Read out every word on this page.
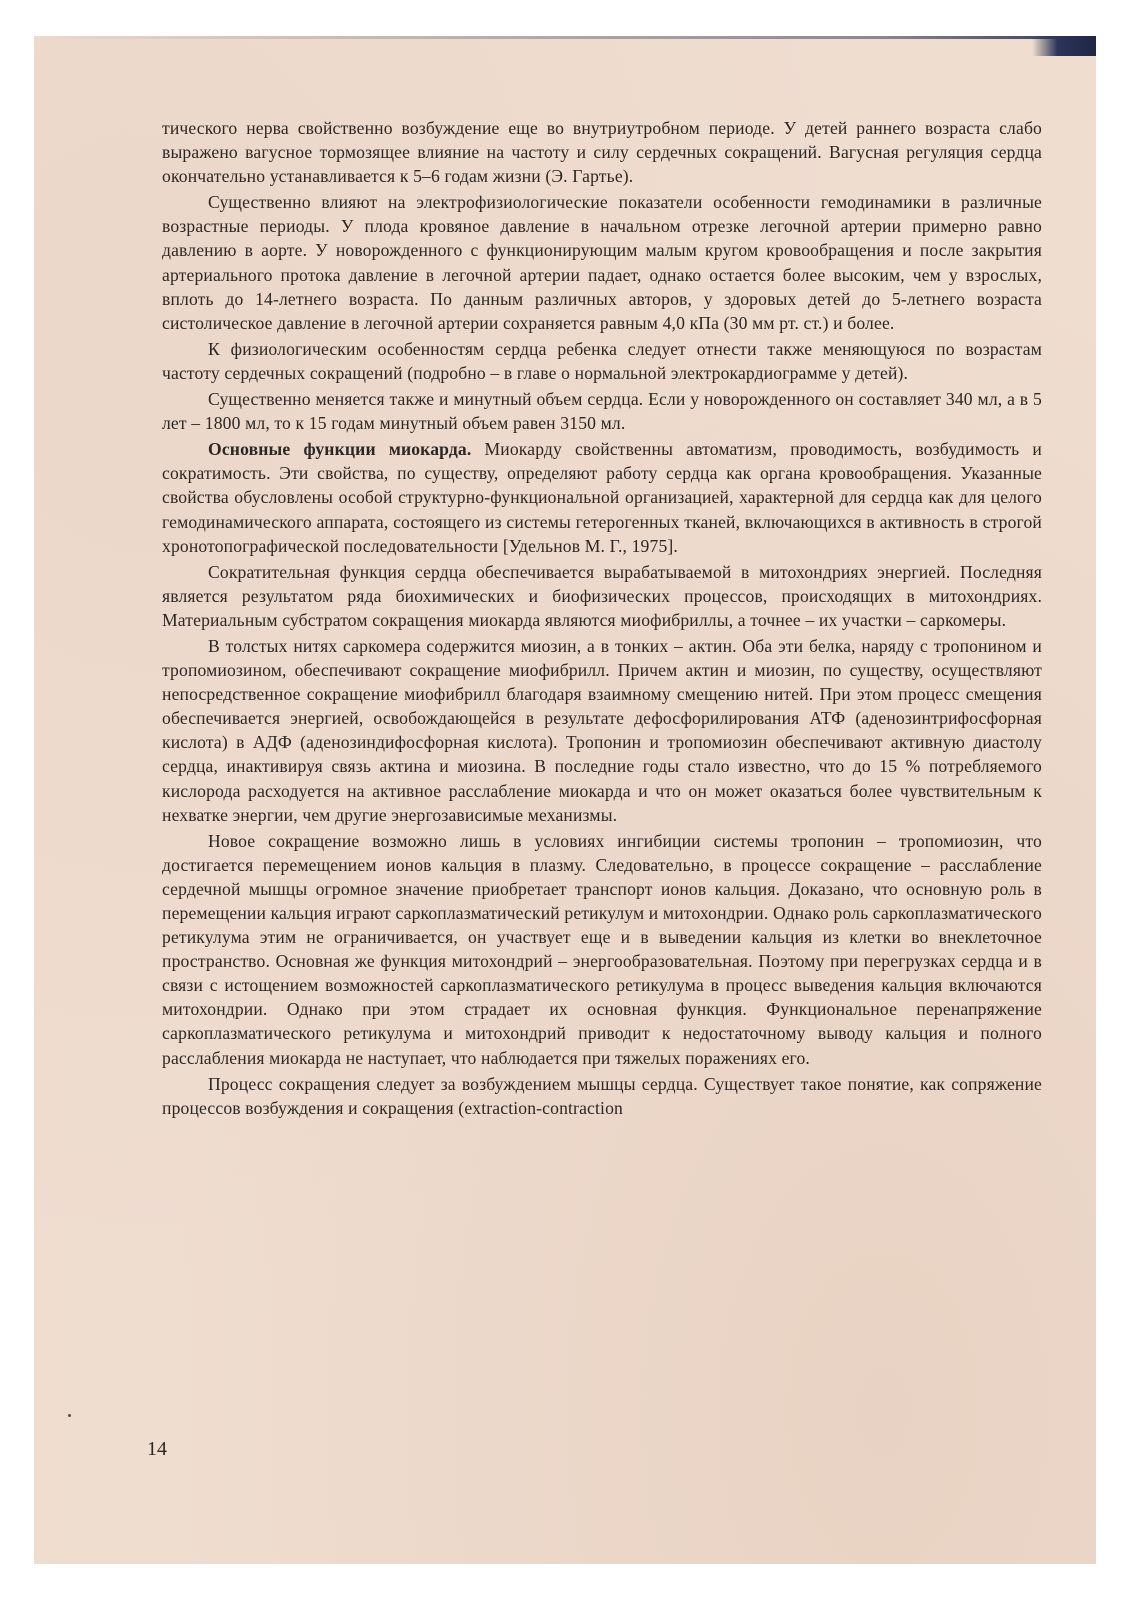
тического нерва свойственно возбуждение еще во внутриутробном периоде. У детей раннего возраста слабо выражено вагусное тормозящее влияние на частоту и силу сердечных сокращений. Вагусная регуляция сердца окончательно устанавливается к 5–6 годам жизни (Э. Гартье).

Существенно влияют на электрофизиологические показатели особенности гемодинамики в различные возрастные периоды. У плода кровяное давление в начальном отрезке легочной артерии примерно равно давлению в аорте. У новорожденного с функционирующим малым кругом кровообращения и после закрытия артериального протока давление в легочной артерии падает, однако остается более высоким, чем у взрослых, вплоть до 14-летнего возраста. По данным различных авторов, у здоровых детей до 5-летнего возраста систолическое давление в легочной артерии сохраняется равным 4,0 кПа (30 мм рт. ст.) и более.

К физиологическим особенностям сердца ребенка следует отнести также меняющуюся по возрастам частоту сердечных сокращений (подробно – в главе о нормальной электрокардиограмме у детей).

Существенно меняется также и минутный объем сердца. Если у новорожденного он составляет 340 мл, а в 5 лет – 1800 мл, то к 15 годам минутный объем равен 3150 мл.

Основные функции миокарда. Миокарду свойственны автоматизм, проводимость, возбудимость и сократимость. Эти свойства, по существу, определяют работу сердца как органа кровообращения. Указанные свойства обусловлены особой структурно-функциональной организацией, характерной для сердца как для целого гемодинамического аппарата, состоящего из системы гетерогенных тканей, включающихся в активность в строгой хронотопографической последовательности [Удельнов М. Г., 1975].

Сократительная функция сердца обеспечивается вырабатываемой в митохондриях энергией. Последняя является результатом ряда биохимических и биофизических процессов, происходящих в митохондриях. Материальным субстратом сокращения миокарда являются миофибриллы, а точнее – их участки – саркомеры.

В толстых нитях саркомера содержится миозин, а в тонких – актин. Оба эти белка, наряду с тропонином и тропомиозином, обеспечивают сокращение миофибрилл. Причем актин и миозин, по существу, осуществляют непосредственное сокращение миофибрилл благодаря взаимному смещению нитей. При этом процесс смещения обеспечивается энергией, освобождающейся в результате дефосфорилирования АТФ (аденозинтрифосфорная кислота) в АДФ (аденозиндифосфорная кислота). Тропонин и тропомиозин обеспечивают активную диастолу сердца, инактивируя связь актина и миозина. В последние годы стало известно, что до 15 % потребляемого кислорода расходуется на активное расслабление миокарда и что он может оказаться более чувствительным к нехватке энергии, чем другие энергозависимые механизмы.

Новое сокращение возможно лишь в условиях ингибиции системы тропонин – тропомиозин, что достигается перемещением ионов кальция в плазму. Следовательно, в процессе сокращение – расслабление сердечной мышцы огромное значение приобретает транспорт ионов кальция. Доказано, что основную роль в перемещении кальция играют саркоплазматический ретикулум и митохондрии. Однако роль саркоплазматического ретикулума этим не ограничивается, он участвует еще и в выведении кальция из клетки во внеклеточное пространство. Основная же функция митохондрий – энергообразовательная. Поэтому при перегрузках сердца и в связи с истощением возможностей саркоплазматического ретикулума в процесс выведения кальция включаются митохондрии. Однако при этом страдает их основная функция. Функциональное перенапряжение саркоплазматического ретикулума и митохондрий приводит к недостаточному выводу кальция и полного расслабления миокарда не наступает, что наблюдается при тяжелых поражениях его.

Процесс сокращения следует за возбуждением мышцы сердца. Существует такое понятие, как сопряжение процессов возбуждения и сокращения (extraction-contraction

14
